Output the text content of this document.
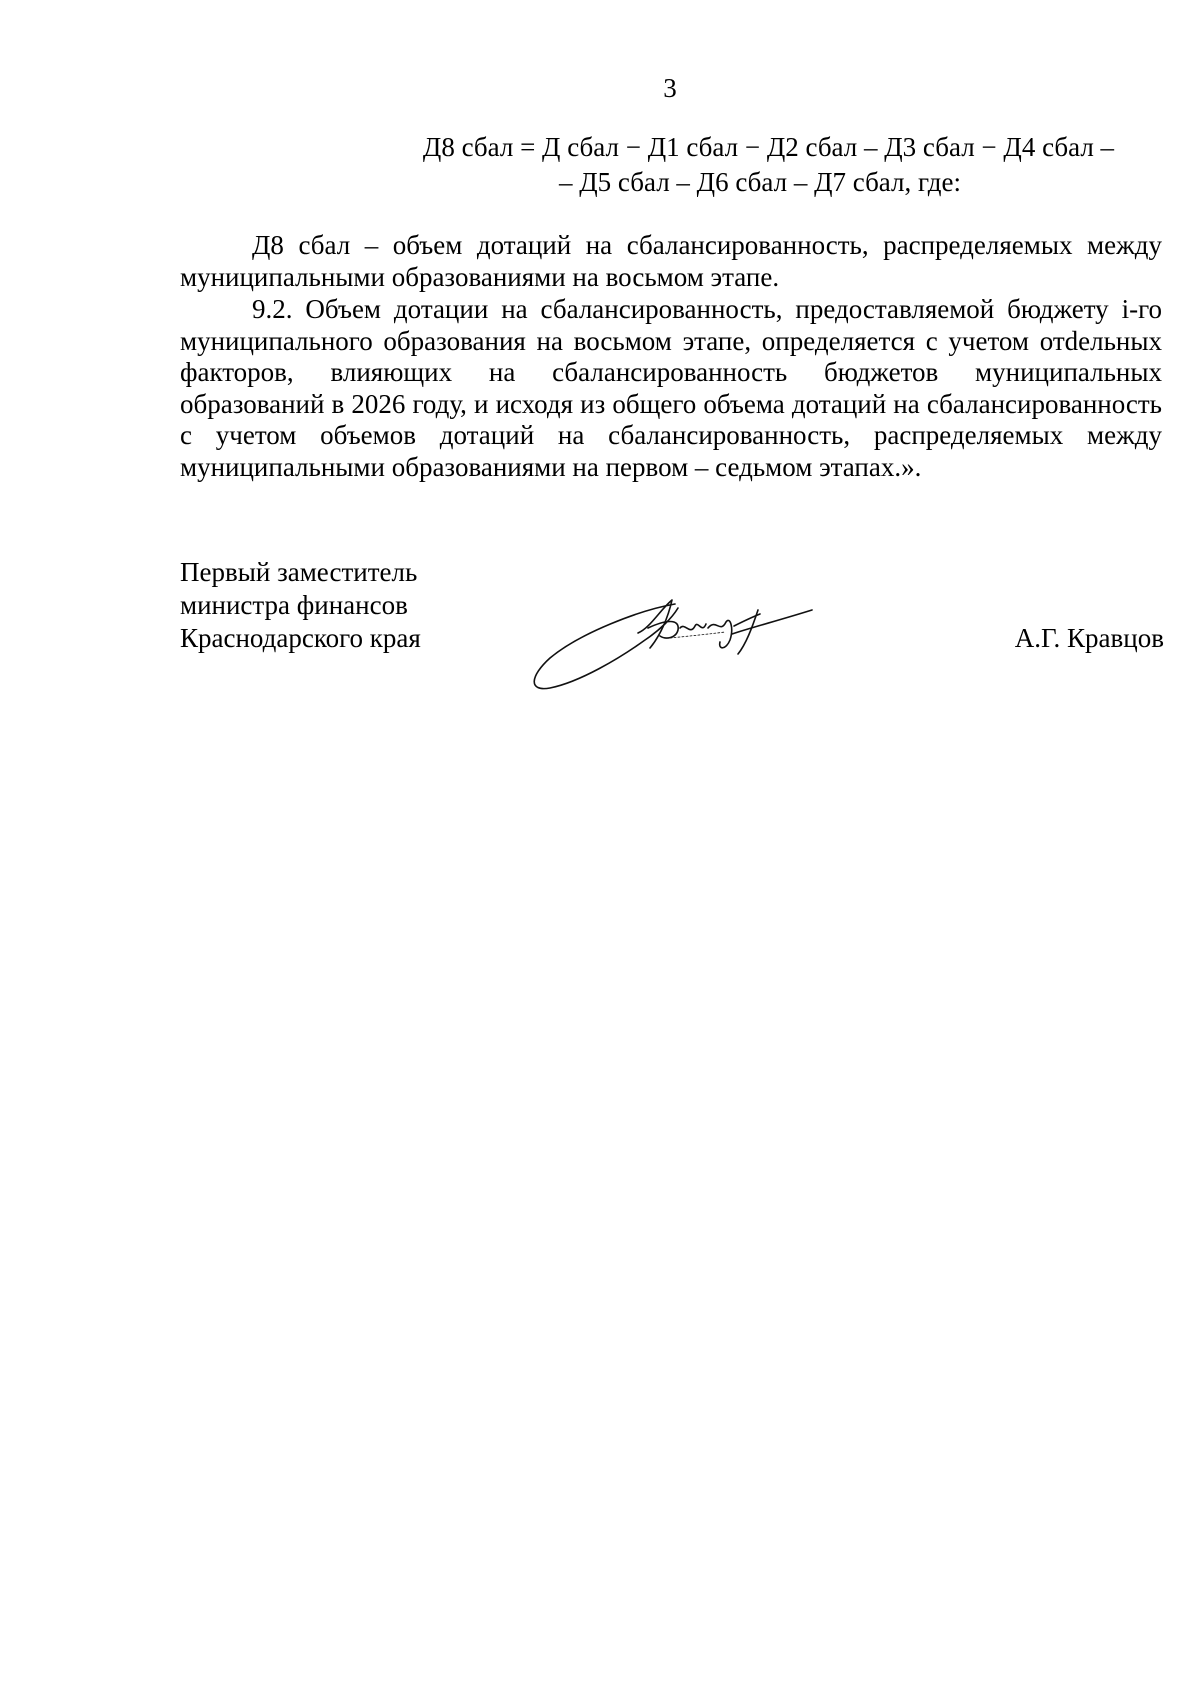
3
Д8 сбал = Д сбал − Д1 сбал − Д2 сбал – Д3 сбал − Д4 сбал –
– Д5 сбал – Д6 сбал – Д7 сбал, где:

Д8 сбал – объем дотаций на сбалансированность, распределяемых между муниципальными образованиями на восьмом этапе.

9.2. Объем дотации на сбалансированность, предоставляемой бюджету i-го муниципального образования на восьмом этапе, определяется с учетом отdельных факторов, влияющих на сбалансированность бюджетов муниципальных образований в 2026 году, и исходя из общего объема дотаций на сбалансированность с учетом объемов дотаций на сбалансированность, распределяемых между муниципальными образованиями на первом – седьмом этапах.».

Первый заместитель
министра финансов
Краснодарского края	А.Г. Кравцов
